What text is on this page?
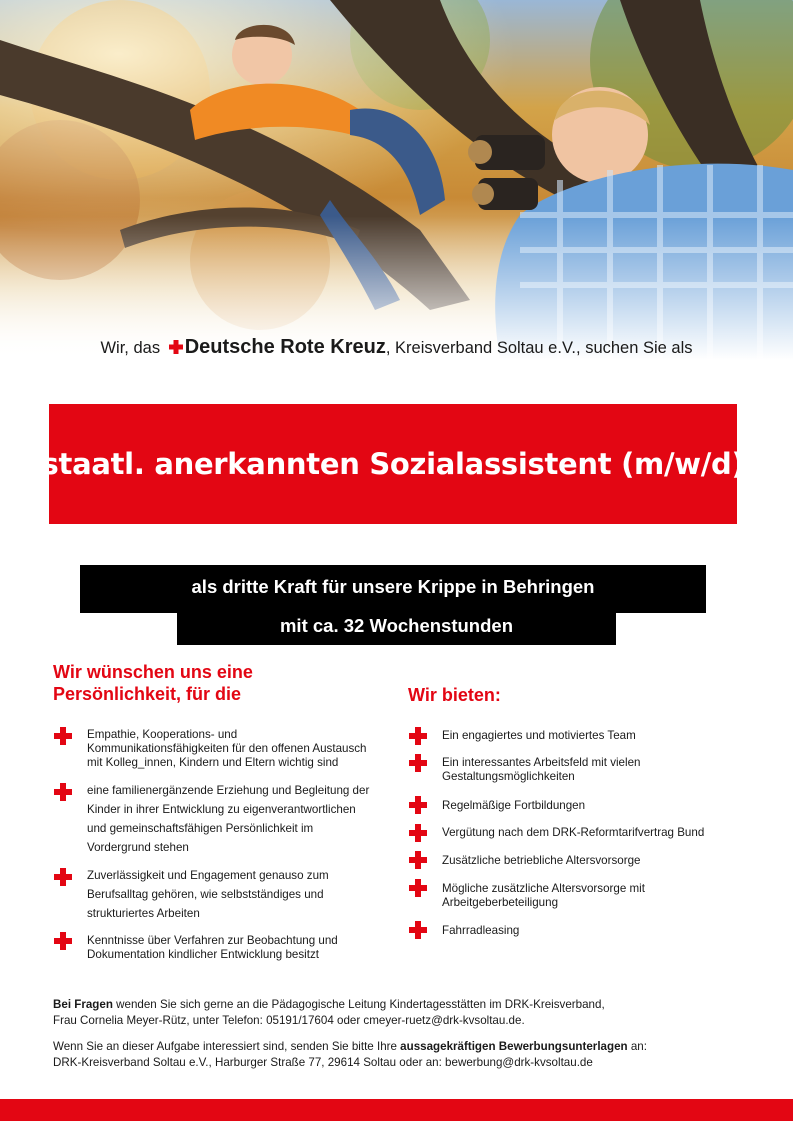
Wir, das Deutsche Rote Kreuz, Kreisverband Soltau e.V., suchen Sie als
staatl. anerkannten Sozialassistent (m/w/d)
als dritte Kraft für unsere Krippe in Behringen
mit ca. 32 Wochenstunden
Wir wünschen uns eine
Persönlichkeit, für die
Empathie, Kooperations- und
Kommunikationsfähigkeiten für den offenen Austausch
mit Kolleg_innen, Kindern und Eltern wichtig sind
eine familienergänzende Erziehung und Begleitung der
Kinder in ihrer Entwicklung zu eigenverantwortlichen
und gemeinschaftsfähigen Persönlichkeit im
Vordergrund stehen
Zuverlässigkeit und Engagement genauso zum
Berufsalltag gehören, wie selbstständiges und
strukturiertes Arbeiten
Kenntnisse über Verfahren zur Beobachtung und
Dokumentation kindlicher Entwicklung besitzt
Wir bieten:
Ein engagiertes und motiviertes Team
Ein interessantes Arbeitsfeld mit vielen
Gestaltungsmöglichkeiten
Regelmäßige Fortbildungen
Vergütung nach dem DRK-Reformtarifvertrag Bund
Zusätzliche betriebliche Altersvorsorge
Mögliche zusätzliche Altersvorsorge mit
Arbeitgeberbeteiligung
Fahrradleasing
Bei Fragen wenden Sie sich gerne an die Pädagogische Leitung Kindertagesstätten im DRK-Kreisverband,
Frau Cornelia Meyer-Rütz, unter Telefon: 05191/17604 oder cmeyer-ruetz@drk-kvsoltau.de.
Wenn Sie an dieser Aufgabe interessiert sind, senden Sie bitte Ihre aussagekräftigen Bewerbungsunterlagen an:
DRK-Kreisverband Soltau e.V., Harburger Straße 77, 29614 Soltau oder an: bewerbung@drk-kvsoltau.de
